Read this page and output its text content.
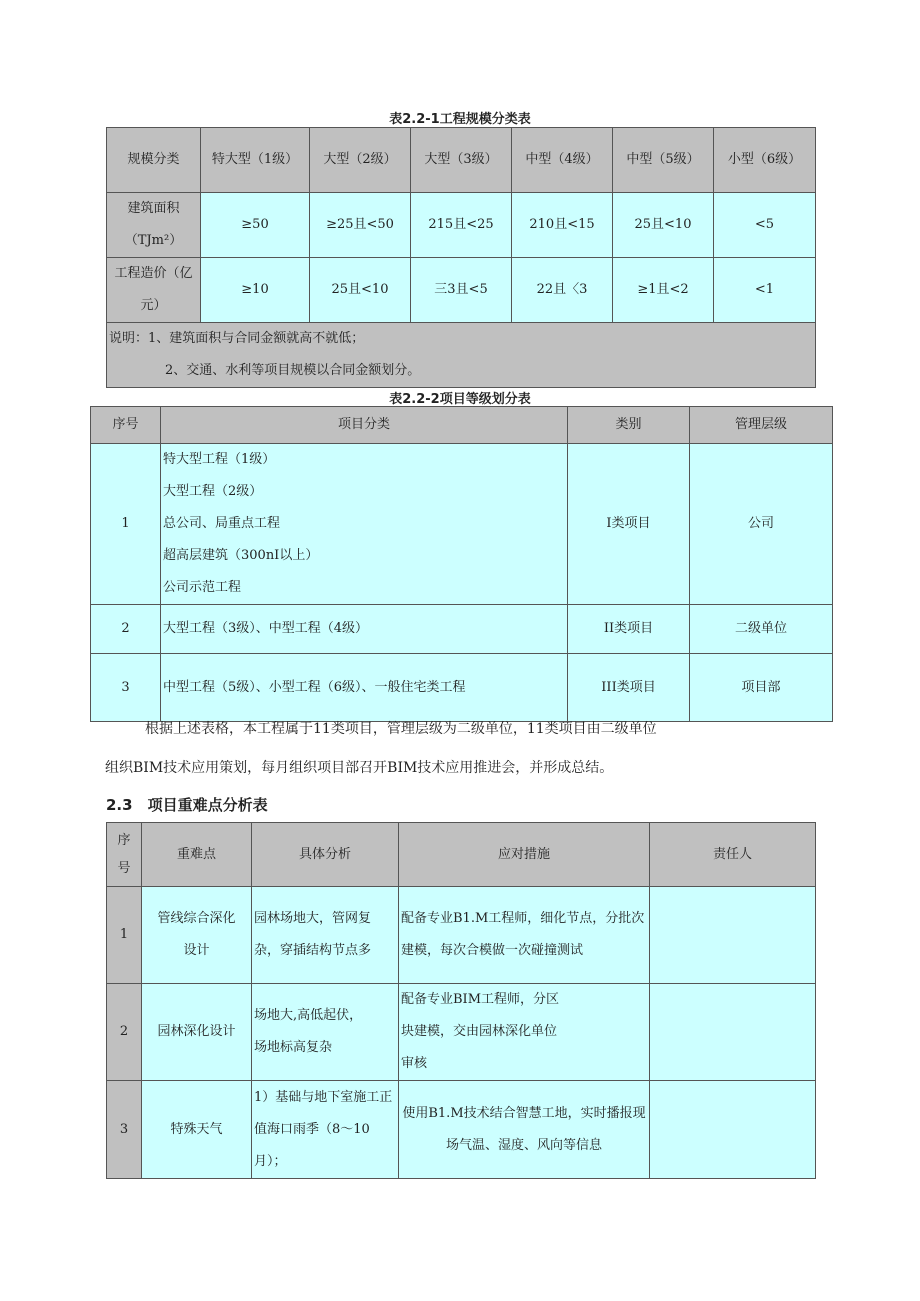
表2.2-1工程规模分类表
规模分类	特大型（1级）	大型（2级）	大型（3级）	中型（4级）	中型（5级）	小型（6级）
建筑面积（TJm²）	≥50	≥25且<50	215且<25	210且<15	25且<10	<5
工程造价（亿元）	≥10	25且<10	三3且<5	22且〈3	≥1且<2	<1

说明：1、建筑面积与合同金额就高不就低；
2、交通、水利等项目规模以合同金额划分。						
表2.2-2项目等级划分表
序号	项目分类	类别	管理层级
1	特大型工程（1级）
大型工程（2级）
总公司、局重点工程
超高层建筑（300nI以上）
公司示范工程	I类项目	公司
2	大型工程（3级）、中型工程（4级）	II类项目	二级单位
3	中型工程（5级）、小型工程（6级）、一般住宅类工程	III类项目	项目部
根据上述表格，本工程属于11类项目，管理层级为二级单位，11类项目由二级单位
组织BIM技术应用策划，每月组织项目部召开BIM技术应用推进会，并形成总结。
2.3　项目重难点分析表
序号	重难点	具体分析	应对措施	责任人
1	管线综合深化设计	园林场地大，管网复杂，穿插结构节点多	配备专业B1.M工程师，细化节点，分批次建模，每次合模做一次碰撞测试	
2	园林深化设计	场地大,高低起伏，场地标高复杂	配备专业BIM工程师，分区块建模，交由园林深化单位审核	
3	特殊天气	1）基础与地下室施工正值海口雨季（8～10月）；	使用B1.M技术结合智慧工地，实时播报现场气温、湿度、风向等信息	
